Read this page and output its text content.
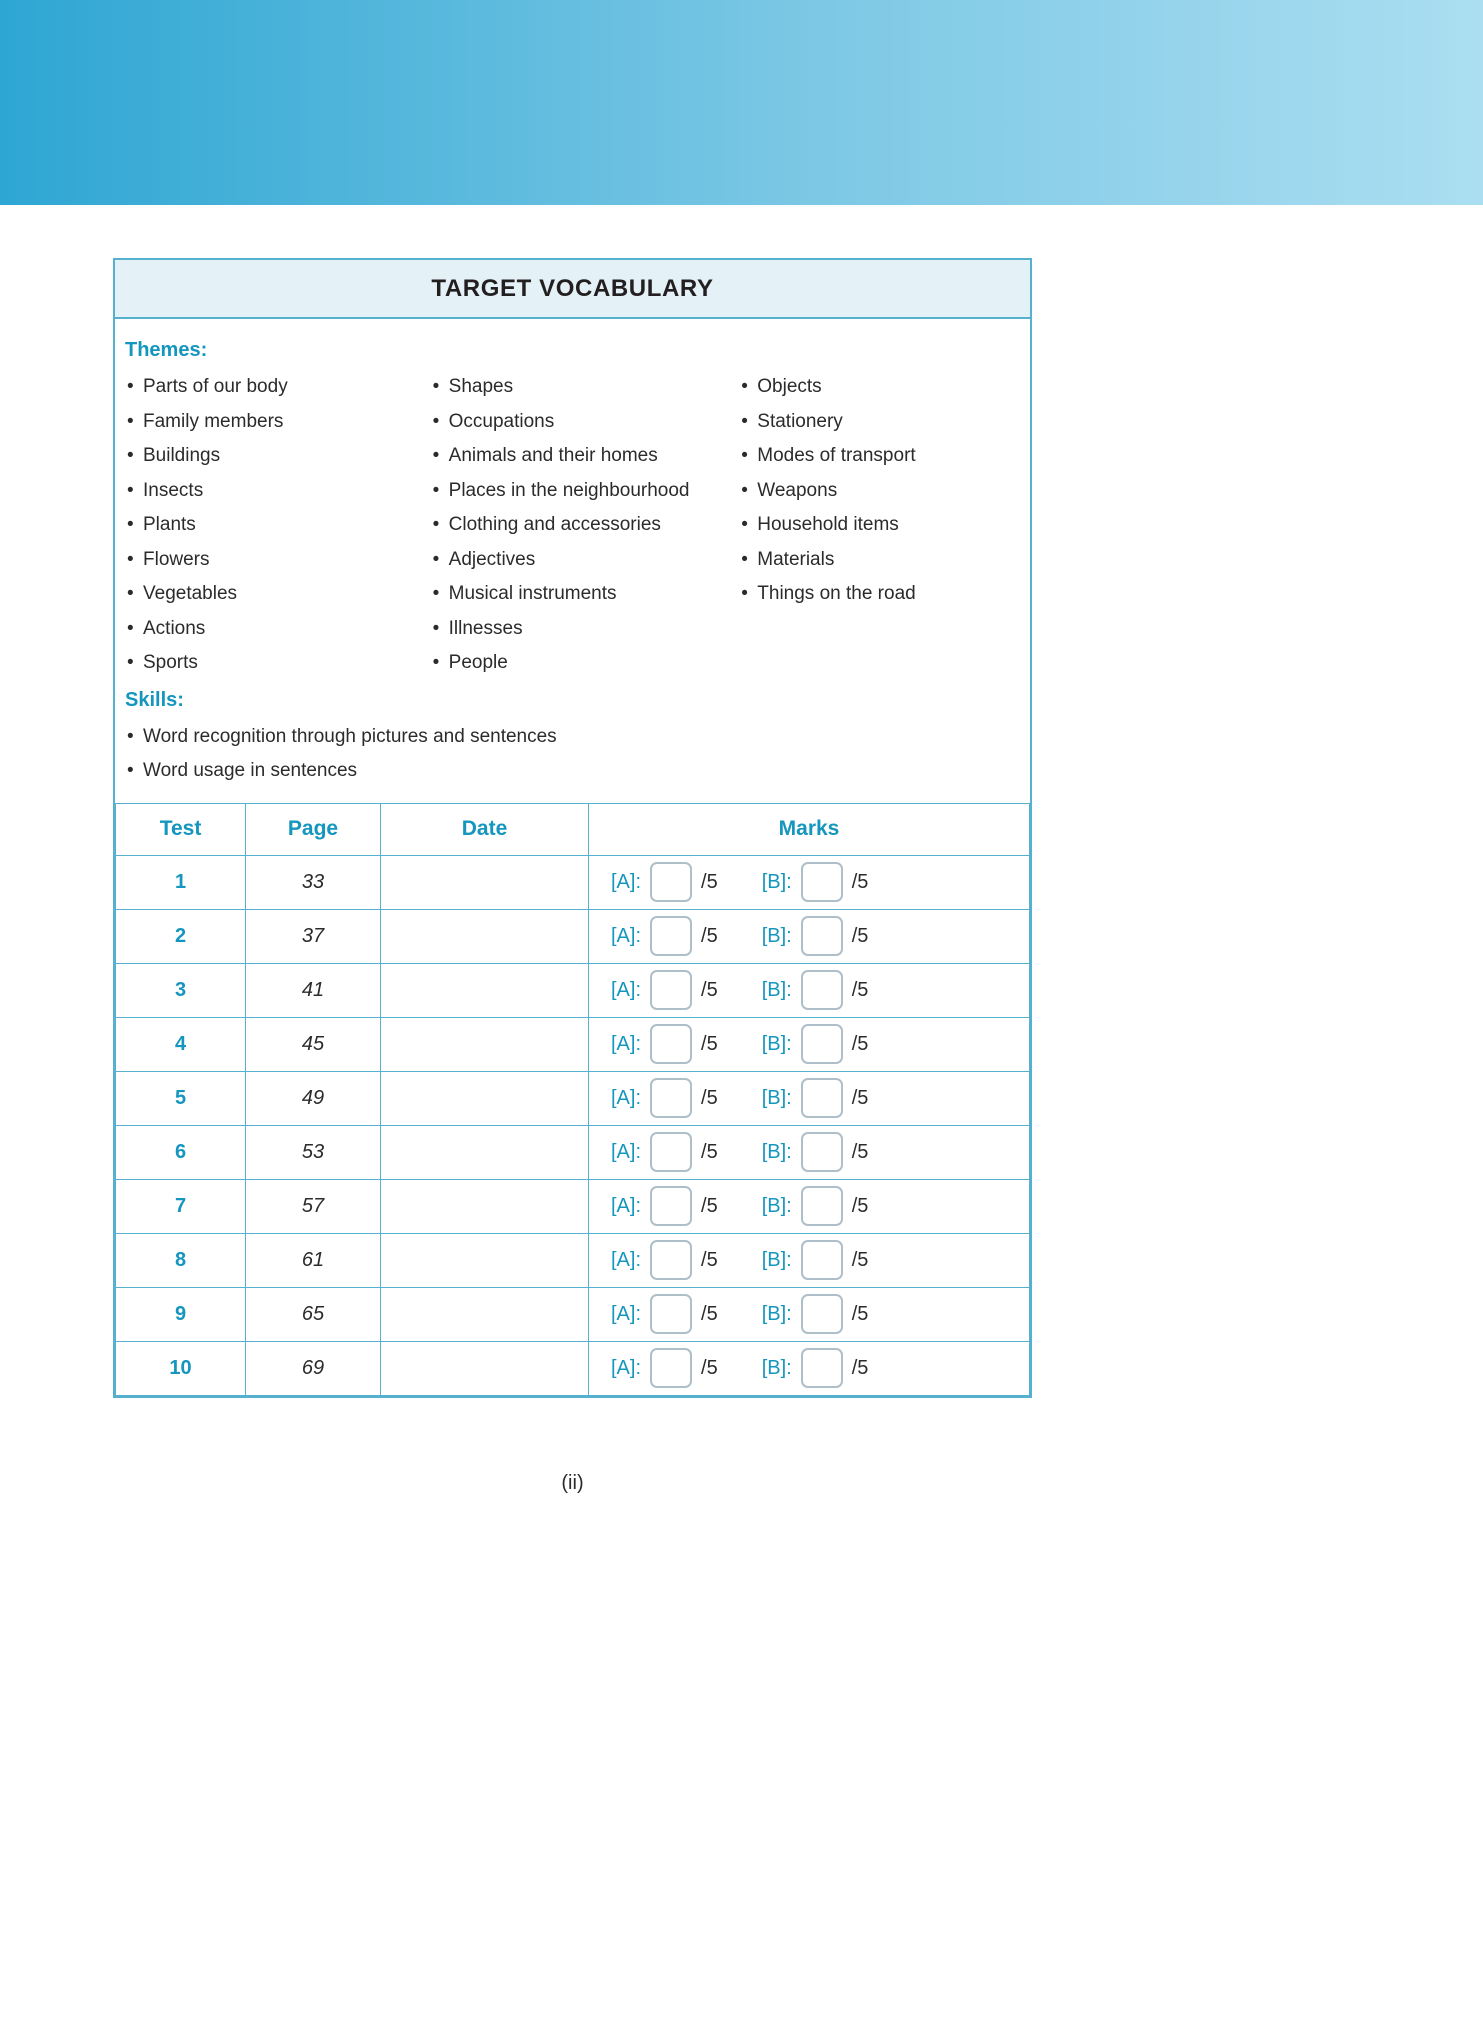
TARGET VOCABULARY
Themes:
• Parts of our body
• Family members
• Buildings
• Insects
• Plants
• Flowers
• Vegetables
• Actions
• Sports
• Shapes
• Occupations
• Animals and their homes
• Places in the neighbourhood
• Clothing and accessories
• Adjectives
• Musical instruments
• Illnesses
• People
• Objects
• Stationery
• Modes of transport
• Weapons
• Household items
• Materials
• Things on the road
Skills:
• Word recognition through pictures and sentences
• Word usage in sentences
Test	Page	Date	Marks
1	33		[A]: /5 [B]: /5

2	37		[A]: /5 [B]: /5

3	41		[A]: /5 [B]: /5

4	45		[A]: /5 [B]: /5

5	49		[A]: /5 [B]: /5

6	53		[A]: /5 [B]: /5

7	57		[A]: /5 [B]: /5

8	61		[A]: /5 [B]: /5

9	65		[A]: /5 [B]: /5

10	69		[A]: /5 [B]: /5
(ii)
